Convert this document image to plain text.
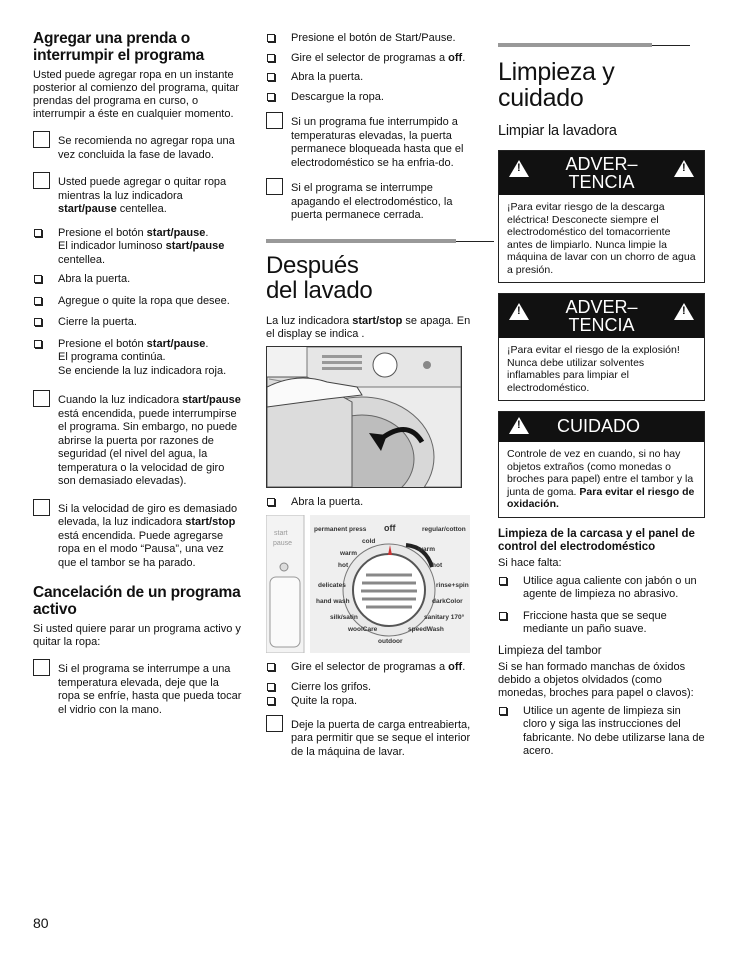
Agregar una prenda o interrumpir el programa

Usted puede agregar ropa en un instante posterior al comienzo del programa, quitar prendas del programa en curso, o interrumpir a éste en cualquier momento.

Se recomienda no agregar ropa una vez concluida la fase de lavado.
Usted puede agregar o quitar ropa mientras la luz indicadora start/pause centellea.
Presione el botón start/pause.
El indicador luminoso start/pause centellea.
Abra la puerta.
Agregue o quite la ropa que desee.
Cierre la puerta.
Presione el botón start/pause.
El programa continúa.
Se enciende la luz indicadora roja.
Cuando la luz indicadora start/pause está encendida, puede interrumpirse el programa. Sin embargo, no puede abrirse la puerta por razones de seguridad (el nivel del agua, la temperatura o la velocidad de giro son demasiado elevadas).
Si la velocidad de giro es demasiado elevada, la luz indicadora start/stop está encendida. Puede agregarse ropa en el modo “Pausa”, una vez que el tambor se ha parado.
Cancelación de un programa activo

Si usted quiere parar un programa activo y quitar la ropa:

Si el programa se interrumpe a una temperatura elevada, deje que la ropa se enfríe, hasta que pueda tocar el vidrio con la mano.
Presione el botón de Start/Pause.
Gire el selector de programas a off.
Abra la puerta.
Descargue la ropa.
Si un programa fue interrumpido a temperaturas elevadas, la puerta permanece bloqueada hasta que el electrodoméstico se ha enfria-do.
Si el programa se interrumpe apagando el electrodoméstico, la puerta permanece cerrada.
Después del lavado

La luz indicadora start/stop se apaga. En el display se indica .

Abra la puerta.
start
pause
permanent press off	regular/cotton
cold
warm
warm
hot	hot
delicates	rinse+spin
hand wash	darkColor
silk/satin	sanitary 170°
woolCare	speedWash
outdoor
Gire el selector de programas a off.
Cierre los grifos.
Quite la ropa.
Deje la puerta de carga entreabierta, para permitir que se seque el interior de la máquina de lavar.
Limpieza y cuidado
Limpiar la lavadora
!
ADVER– TENCIA
!
¡Para evitar riesgo de la descarga eléctrica! Desconecte siempre el electrodoméstico del tomacorriente antes de limpiarlo. Nunca limpie la máquina de lavar con un chorro de agua a presión.
!
ADVER– TENCIA
!
¡Para evitar el riesgo de la explosión! Nunca debe utilizar solventes inflamables para limpiar el electrodoméstico.
!
CUIDADO
Controle de vez en cuando, si no hay objetos extraños (como monedas o broches para papel) entre el tambor y la junta de goma. Para evitar el riesgo de oxidación.
Limpieza de la carcasa y el panel de control del electrodoméstico

Si hace falta:

Utilice agua caliente con jabón o un agente de limpieza no abrasivo.
Friccione hasta que se seque mediante un paño suave.
Limpieza del tambor

Si se han formado manchas de óxidos debido a objetos olvidados (como monedas, broches para papel o clavos):

Utilice un agente de limpieza sin cloro y siga las instrucciones del fabricante. No debe utilizarse lana de acero.
80
